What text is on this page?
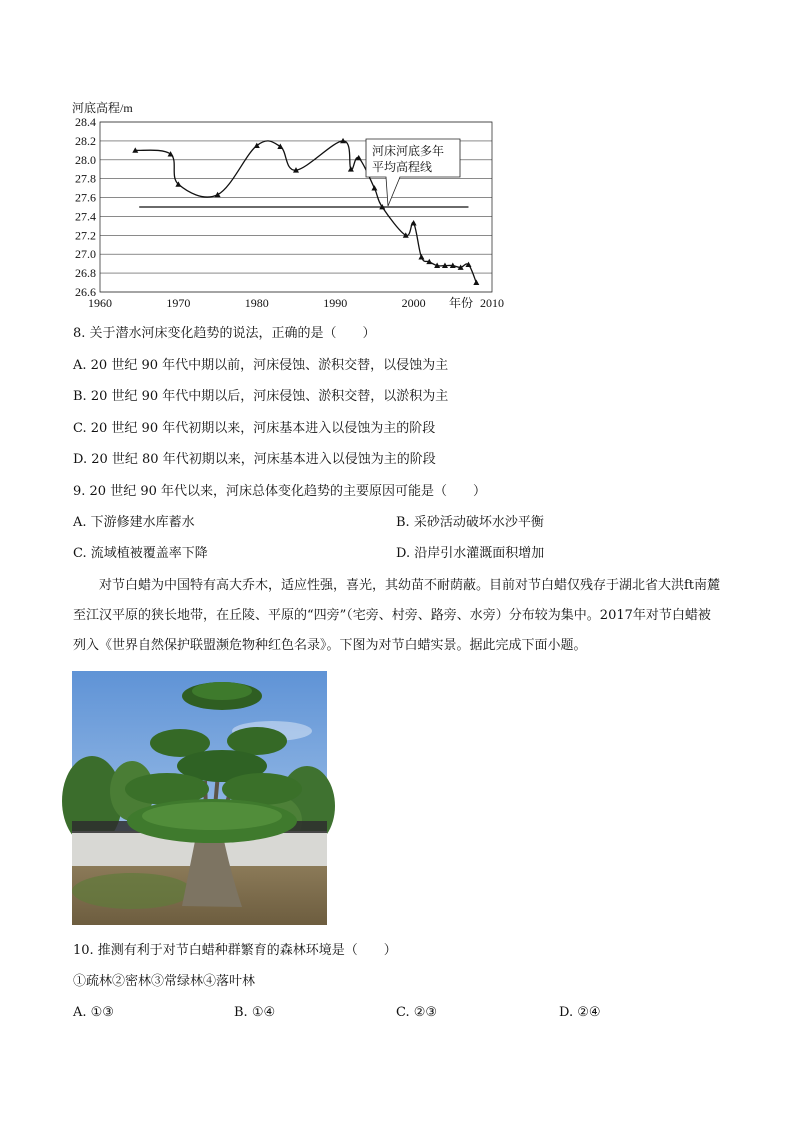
河底高程/m
26.6
26.8
27.0
27.2
27.4
27.6
27.8
28.0
28.2
28.4
1960	1970	1980	1990	2000	2010
年份
河床河底多年
平均高程线
8. 关于潜水河床变化趋势的说法，正确的是（　　）
A. 20 世纪 90 年代中期以前，河床侵蚀、淤积交替，以侵蚀为主
B. 20 世纪 90 年代中期以后，河床侵蚀、淤积交替，以淤积为主
C. 20 世纪 90 年代初期以来，河床基本进入以侵蚀为主的阶段
D. 20 世纪 80 年代初期以来，河床基本进入以侵蚀为主的阶段
9. 20 世纪 90 年代以来，河床总体变化趋势的主要原因可能是（　　）
A. 下游修建水库蓄水	B. 采砂活动破坏水沙平衡
C. 流域植被覆盖率下降	D. 沿岸引水灌溉面积增加
对节白蜡为中国特有高大乔木，适应性强，喜光，其幼苗不耐荫蔽。目前对节白蜡仅残存于湖北省大洪ft南麓至江汉平原的狭长地带，在丘陵、平原的“四旁”（宅旁、村旁、路旁、水旁）分布较为集中。2017年对节白蜡被列入《世界自然保护联盟濒危物种红色名录》。下图为对节白蜡实景。据此完成下面小题。
10. 推测有利于对节白蜡种群繁育的森林环境是（　　）
①疏林②密林③常绿林④落叶林
A. ①③	B. ①④	C. ②③	D. ②④
